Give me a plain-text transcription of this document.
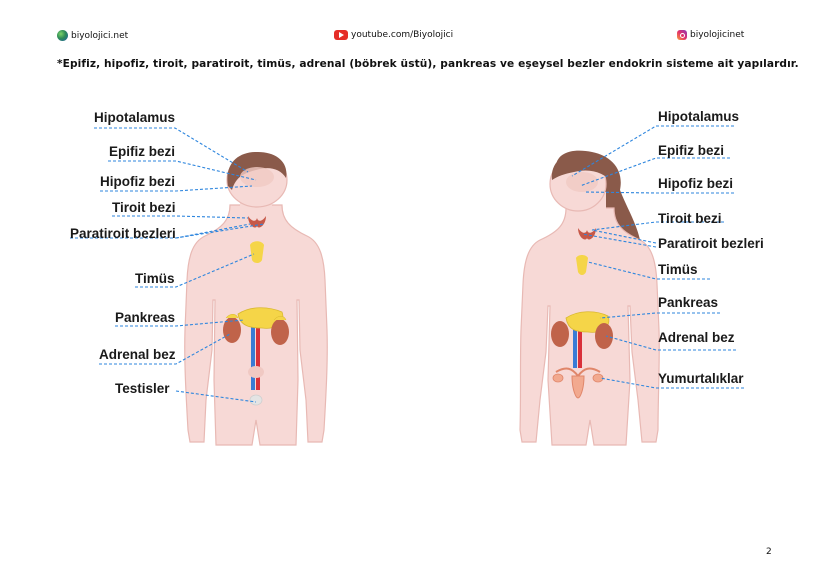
biyolojici.net	youtube.com/Biyolojici	biyolojicinet
*Epifiz, hipofiz, tiroit, paratiroit, timüs, adrenal (böbrek üstü), pankreas ve eşeysel bezler endokrin sisteme ait yapılardır.
Hipotalamus
Epifiz bezi
Hipofiz bezi
Tiroit bezi
Paratiroit bezleri
Timüs
Pankreas
Adrenal bez
Testisler
Hipotalamus
Epifiz bezi
Hipofiz bezi
Tiroit bezi
Paratiroit bezleri
Timüs
Pankreas
Adrenal bez
Yumurtalıklar
2
